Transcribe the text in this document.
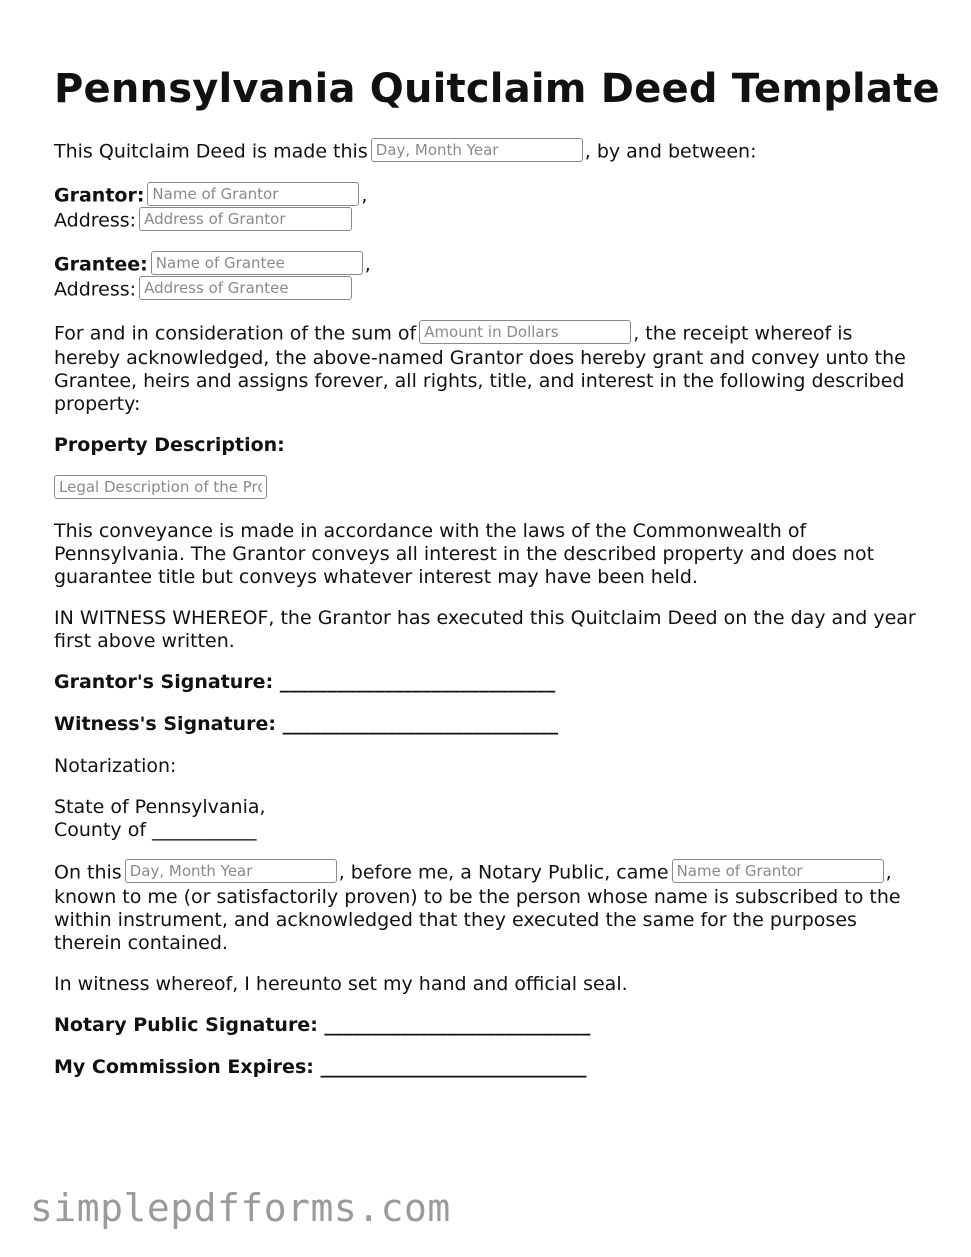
Pennsylvania Quitclaim Deed Template

This Quitclaim Deed is made thisDay, Month Year	, by and between:

Grantor:Name of Grantor	,

Address:Address of Grantor

Grantee:Name of Grantee	,

Address:Address of Grantee

For and in consideration of the sum ofAmount in Dollars	, the receipt whereof is

hereby acknowledged, the above-named Grantor does hereby grant and convey unto the

Grantee, heirs and assigns forever, all rights, title, and interest in the following described

property:

Property Description:

Legal Description of the Property

This conveyance is made in accordance with the laws of the Commonwealth of

Pennsylvania. The Grantor conveys all interest in the described property and does not

guarantee title but conveys whatever interest may have been held.

IN WITNESS WHEREOF, the Grantor has executed this Quitclaim Deed on the day and year

first above written.

Grantor's Signature: _____________________________

Witness's Signature: _____________________________

Notarization:

State of Pennsylvania,

County of ___________

On thisDay, Month Year	, before me, a Notary Public, cameName of Grantor	,

known to me (or satisfactorily proven) to be the person whose name is subscribed to the

within instrument, and acknowledged that they executed the same for the purposes

therein contained.

In witness whereof, I hereunto set my hand and official seal.

Notary Public Signature: ____________________________

My Commission Expires: ____________________________

simplepdfforms.com
